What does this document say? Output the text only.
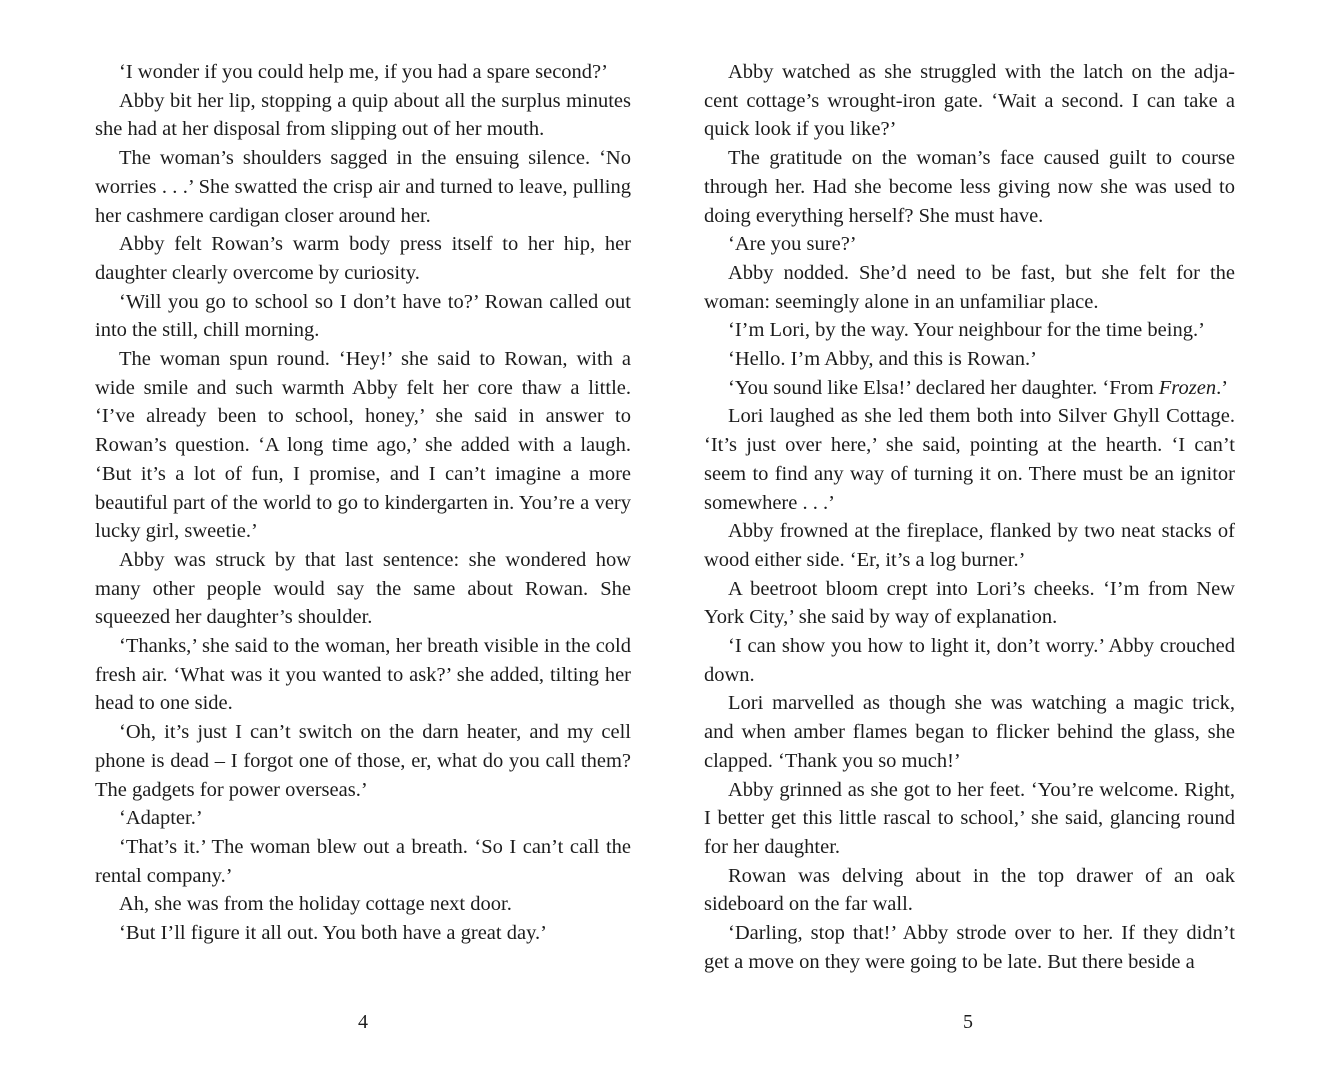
‘I wonder if you could help me, if you had a spare second?’

Abby bit her lip, stopping a quip about all the surplus minutes she had at her disposal from slipping out of her mouth.

The woman’s shoulders sagged in the ensuing silence. ‘No worries . . .’ She swatted the crisp air and turned to leave, pulling her cashmere cardigan closer around her.

Abby felt Rowan’s warm body press itself to her hip, her daughter clearly overcome by curiosity.

‘Will you go to school so I don’t have to?’ Rowan called out into the still, chill morning.

The woman spun round. ‘Hey!’ she said to Rowan, with a wide smile and such warmth Abby felt her core thaw a little. ‘I’ve already been to school, honey,’ she said in answer to Rowan’s question. ‘A long time ago,’ she added with a laugh. ‘But it’s a lot of fun, I promise, and I can’t imagine a more beautiful part of the world to go to kindergarten in. You’re a very lucky girl, sweetie.’

Abby was struck by that last sentence: she wondered how many other people would say the same about Rowan. She squeezed her daughter’s shoulder.

‘Thanks,’ she said to the woman, her breath visible in the cold fresh air. ‘What was it you wanted to ask?’ she added, tilting her head to one side.

‘Oh, it’s just I can’t switch on the darn heater, and my cell phone is dead – I forgot one of those, er, what do you call them? The gadgets for power overseas.’

‘Adapter.’

‘That’s it.’ The woman blew out a breath. ‘So I can’t call the rental company.’

Ah, she was from the holiday cottage next door.

‘But I’ll figure it all out. You both have a great day.’

4

Abby watched as she struggled with the latch on the adja- cent cottage’s wrought-iron gate. ‘Wait a second. I can take a quick look if you like?’

The gratitude on the woman’s face caused guilt to course through her. Had she become less giving now she was used to doing everything herself? She must have.

‘Are you sure?’

Abby nodded. She’d need to be fast, but she felt for the woman: seemingly alone in an unfamiliar place.

‘I’m Lori, by the way. Your neighbour for the time being.’

‘Hello. I’m Abby, and this is Rowan.’

‘You sound like Elsa!’ declared her daughter. ‘From Frozen.’

Lori laughed as she led them both into Silver Ghyll Cottage. ‘It’s just over here,’ she said, pointing at the hearth. ‘I can’t seem to find any way of turning it on. There must be an ignitor somewhere . . .’

Abby frowned at the fireplace, flanked by two neat stacks of wood either side. ‘Er, it’s a log burner.’

A beetroot bloom crept into Lori’s cheeks. ‘I’m from New York City,’ she said by way of explanation.

‘I can show you how to light it, don’t worry.’ Abby crouched down.

Lori marvelled as though she was watching a magic trick, and when amber flames began to flicker behind the glass, she clapped. ‘Thank you so much!’

Abby grinned as she got to her feet. ‘You’re welcome. Right, I better get this little rascal to school,’ she said, glancing round for her daughter.

Rowan was delving about in the top drawer of an oak sideboard on the far wall.

‘Darling, stop that!’ Abby strode over to her. If they didn’t get a move on they were going to be late. But there beside a

5
